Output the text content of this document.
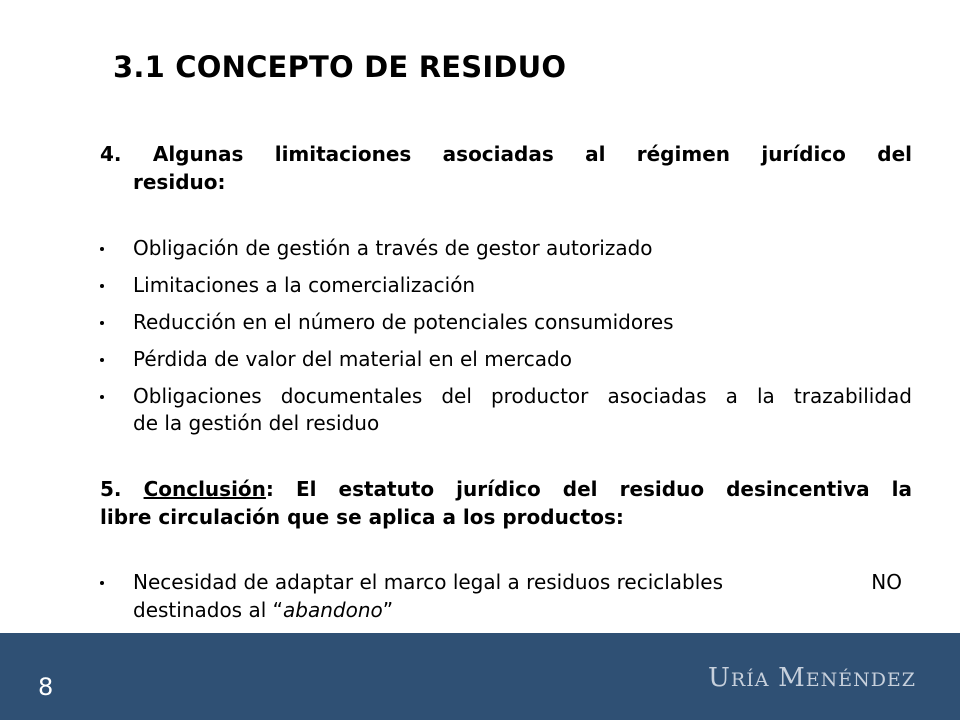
3.1 CONCEPTO DE RESIDUO
4. Algunas limitaciones asociadas al régimen jurídico del
residuo:
Obligación de gestión a través de gestor autorizado
Limitaciones a la comercialización
Reducción en el número de potenciales consumidores
Pérdida de valor del material en el mercado
Obligaciones documentales del productor asociadas a la trazabilidad
de la gestión del residuo
5. Conclusión: El estatuto jurídico del residuo desincentiva la
libre circulación que se aplica a los productos:
Necesidad de adaptar el marco legal a residuos reciclables	NO
destinados al “abandono”
8	URÍA MENÉNDEZ
